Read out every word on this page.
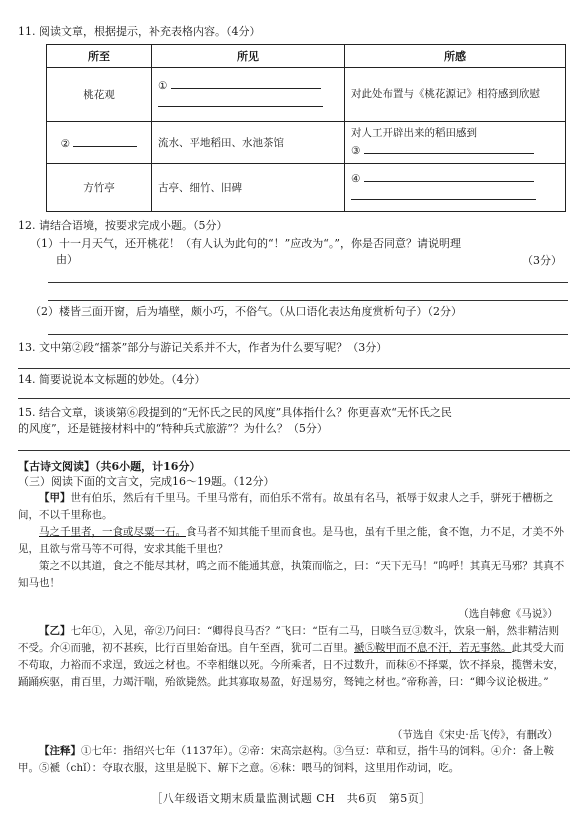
11. 阅读文章，根据提示，补充表格内容。（4分）
所至	所见	所感
桃花观	①	对此处布置与《桃花源记》相符感到欣慰

②	流水、平地稻田、水池茶馆	对人工开辟出来的稻田感到
③

方竹亭	古亭、细竹、旧碑	④

12. 请结合语境，按要求完成小题。（5分）
（1）十一月天气，还开桃花！（有人认为此句的“！”应改为“。”，你是否同意？请说明理
由）	（3分）
（2）楼皆三面开窗，后为墙壁，颇小巧，不俗气。（从口语化表达角度赏析句子）（2分）
13. 文中第②段“擂茶”部分与游记关系并不大，作者为什么要写呢？（3分）
14. 简要说说本文标题的妙处。（4分）
15. 结合文章，谈谈第⑥段提到的“无怀氏之民的风度”具体指什么？你更喜欢“无怀氏之民
的风度”，还是链接材料中的“特种兵式旅游”？为什么？（5分）
【古诗文阅读】（共6小题，计16分）
（三）阅读下面的文言文，完成16～19题。（12分）
【甲】世有伯乐，然后有千里马。千里马常有，而伯乐不常有。故虽有名马，祇辱于奴隶人之手，骈死于槽枥之间，不以千里称也。
马之千里者，一食或尽粟一石。食马者不知其能千里而食也。是马也，虽有千里之能，食不饱，力不足，才美不外见，且欲与常马等不可得，安求其能千里也？
策之不以其道，食之不能尽其材，鸣之而不能通其意，执策而临之，曰：“天下无马！”呜呼！其真无马邪？其真不知马也！
（选自韩愈《马说》）
【乙】七年①，入见，帝②乃问曰：“卿得良马否？”飞曰：“臣有二马，日啖刍豆③数斗，饮泉一斛，然非精洁则不受。介④而驰，初不甚疾，比行百里始奋迅。自午至酉，犹可二百里。褫⑤鞍甲而不息不汗，若无事然。此其受大而不苟取，力裕而不求逞，致远之材也。不幸相继以死。今所乘者，日不过数升，而秣⑥不择粟，饮不择泉，揽辔未安，踊踊疾驱，甫百里，力竭汗喘，殆欲毙然。此其寡取易盈，好逞易穷，驽钝之材也。”帝称善，曰：“卿今议论极进。”
（节选自《宋史·岳飞传》，有删改）
【注释】①七年：指绍兴七年（1137年）。②帝：宋高宗赵构。③刍豆：草和豆，指牛马的饲料。④介：备上鞍甲。⑤褫（chǐ）：夺取衣服，这里是脱下、解下之意。⑥秣：喂马的饲料，这里用作动词，吃。
［八年级语文期末质量监测试题 CH　共6页　第5页］
